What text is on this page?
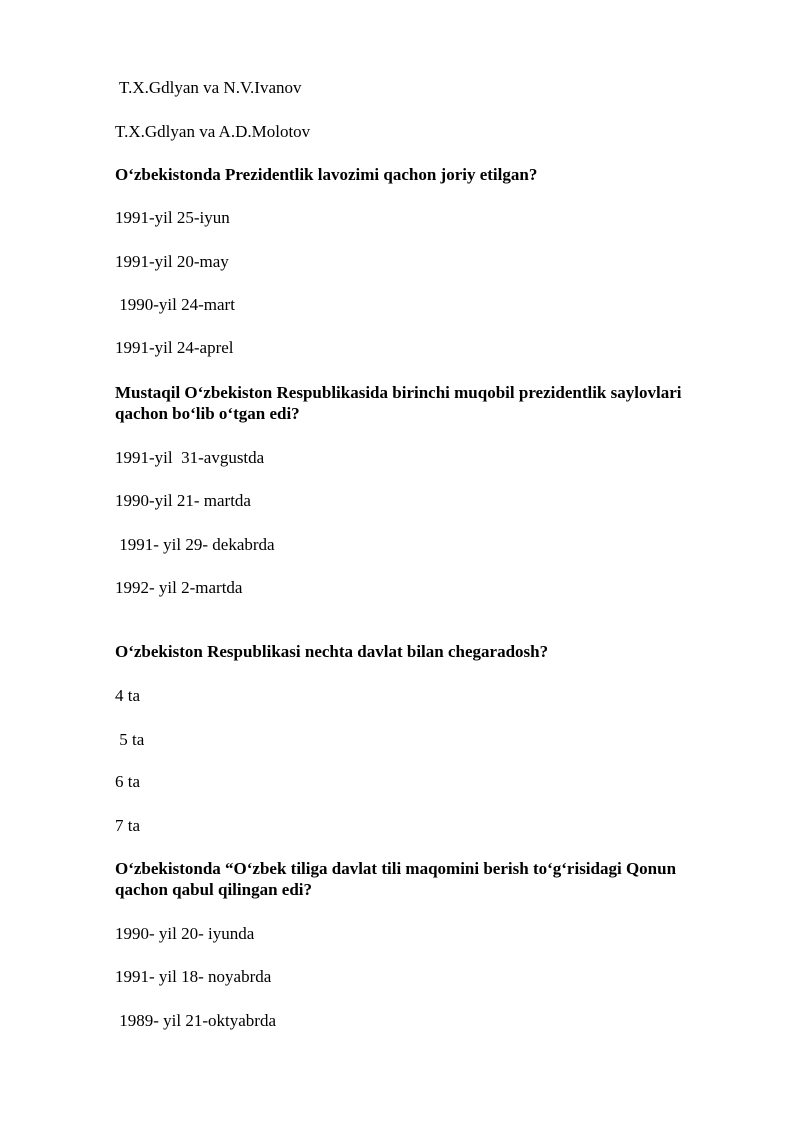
T.X.Gdlyan va N.V.Ivanov
T.X.Gdlyan va A.D.Molotov
O‘zbekistonda Prezidentlik lavozimi qachon joriy etilgan?
1991-yil 25-iyun
1991-yil 20-may
1990-yil 24-mart
1991-yil 24-aprel
Mustaqil O‘zbekiston Respublikasida birinchi muqobil prezidentlik saylovlari
qachon bo‘lib o‘tgan edi?
1991-yil  31-avgustda
1990-yil 21- martda
1991- yil 29- dekabrda
1992- yil 2-martda
O‘zbekiston Respublikasi nechta davlat bilan chegaradosh?
4 ta
5 ta
6 ta
7 ta
O‘zbekistonda “O‘zbek tiliga davlat tili maqomini berish to‘g‘risidagi Qonun
qachon qabul qilingan edi?
1990- yil 20- iyunda
1991- yil 18- noyabrda
1989- yil 21-oktyabrda
